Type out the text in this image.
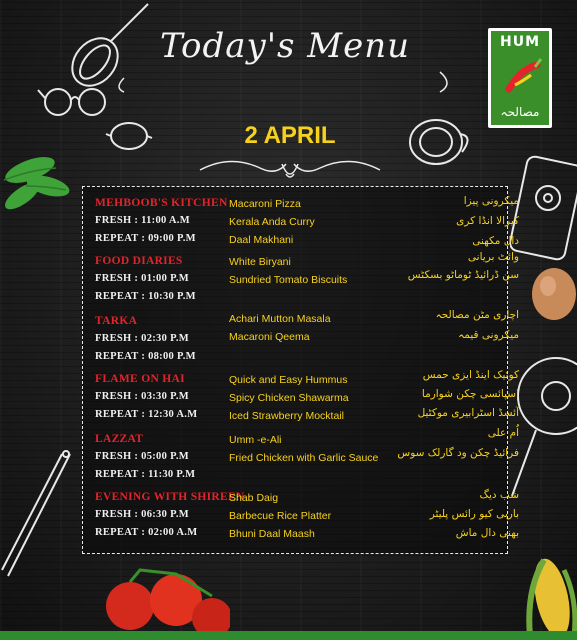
HUM
مصالحہ
Today's Menu
2 APRIL
MEHBOOB'S KITCHEN
FRESH : 11:00 A.M
REPEAT : 09:00 P.M
Macaroni Pizza
Kerala Anda Curry
Daal Makhani
میکرونی پیزا
کیرالا انڈا کری
دال مکھنی
FOOD DIARIES
FRESH : 01:00 P.M
REPEAT : 10:30 P.M
White Biryani
Sundried Tomato Biscuits
وائٹ بریانی
سن ڈرائیڈ ٹوماٹو بسکٹس
TARKA
FRESH : 02:30 P.M
REPEAT : 08:00 P.M
Achari Mutton Masala
Macaroni Qeema
اچاری مٹن مصالحہ
میکرونی قیمہ
FLAME ON HAI
FRESH : 03:30 P.M
REPEAT : 12:30 A.M
Quick and Easy Hummus
Spicy Chicken Shawarma
Iced Strawberry Mocktail
کوئیک اینڈ ایزی حمس
اسپائسی چکن شوارما
آئسڈ اسٹرابیری موکٹیل
LAZZAT
FRESH : 05:00 P.M
REPEAT : 11:30 P.M
Umm -e-Ali
Fried Chicken with Garlic Sauce
اُم علی
فرائیڈ چکن ود گارلک سوس
EVENING WITH SHIREEN
FRESH : 06:30 P.M
REPEAT : 02:00 A.M
Shab Daig
Barbecue Rice Platter
Bhuni Daal Maash
شب دیگ
باربی کیو رائس پلیٹر
بھنی دال ماش
